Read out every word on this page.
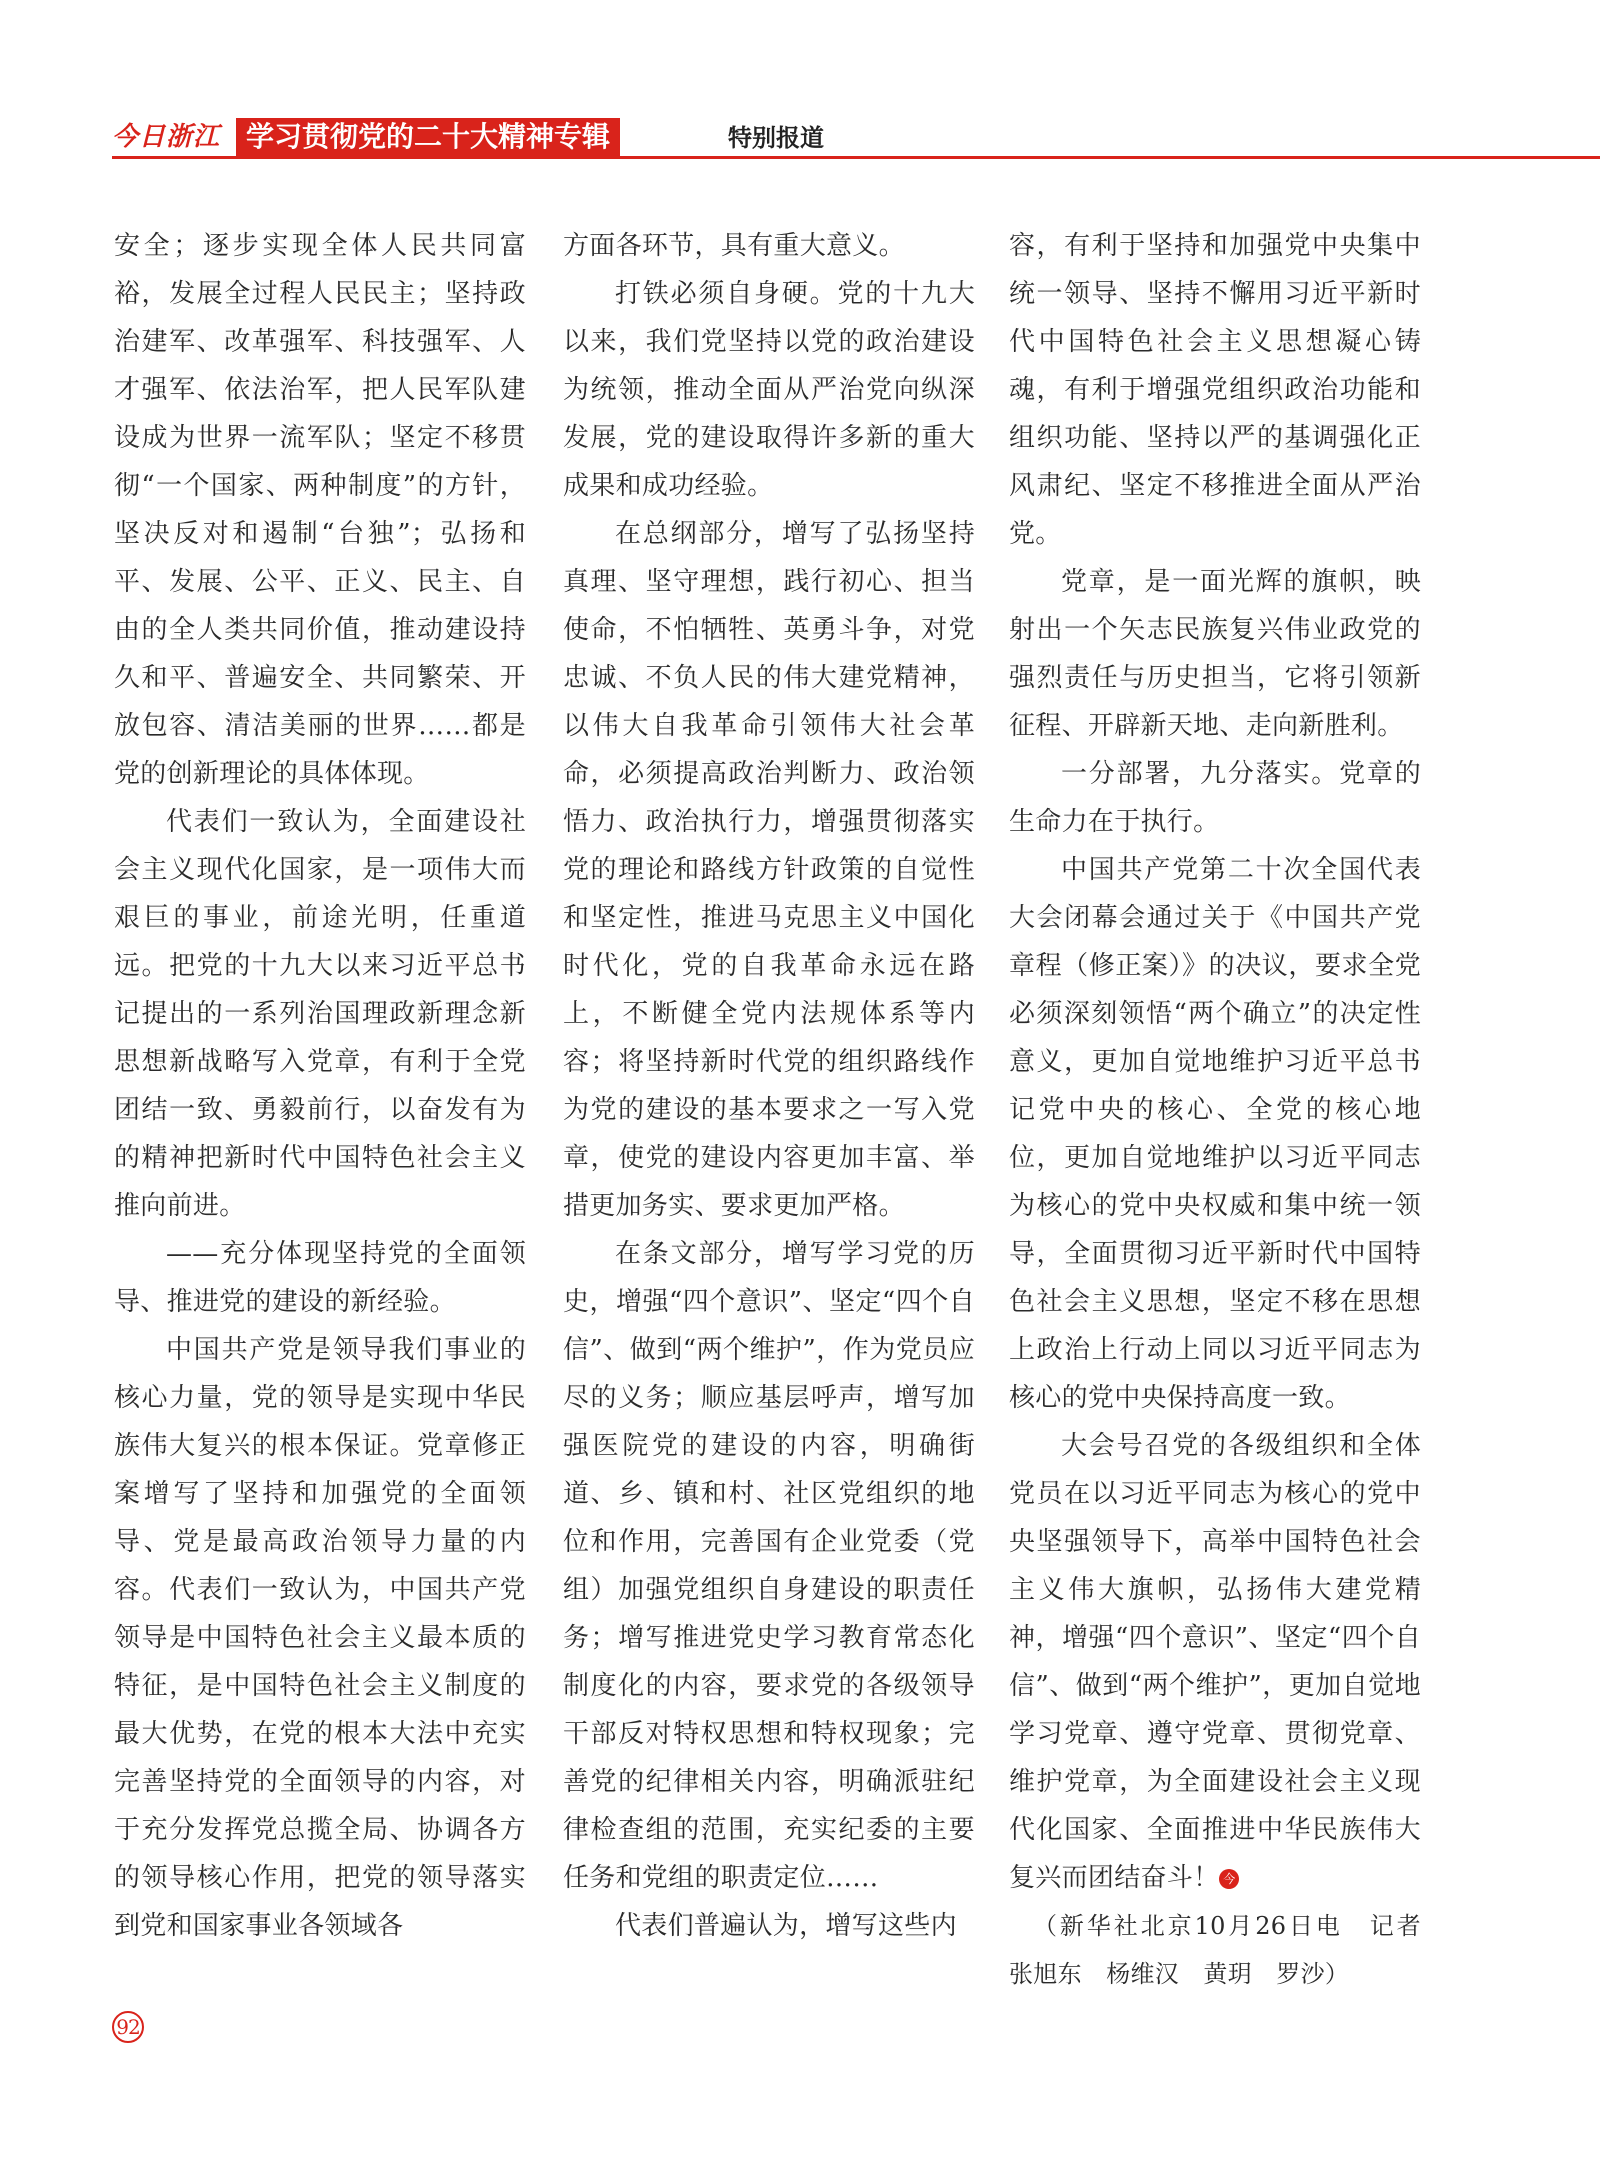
今日浙江 学习贯彻党的二十大精神专辑	特别报道

安全；逐步实现全体人民共同富裕，发展全过程人民民主；坚持政治建军、改革强军、科技强军、人才强军、依法治军，把人民军队建设成为世界一流军队；坚定不移贯彻“一个国家、两种制度”的方针，坚决反对和遏制“台独”；弘扬和平、发展、公平、正义、民主、自由的全人类共同价值，推动建设持久和平、普遍安全、共同繁荣、开放包容、清洁美丽的世界……都是党的创新理论的具体体现。

代表们一致认为，全面建设社会主义现代化国家，是一项伟大而艰巨的事业，前途光明，任重道远。把党的十九大以来习近平总书记提出的一系列治国理政新理念新思想新战略写入党章，有利于全党团结一致、勇毅前行，以奋发有为的精神把新时代中国特色社会主义推向前进。

——充分体现坚持党的全面领导、推进党的建设的新经验。

中国共产党是领导我们事业的核心力量，党的领导是实现中华民族伟大复兴的根本保证。党章修正案增写了坚持和加强党的全面领导、党是最高政治领导力量的内容。代表们一致认为，中国共产党领导是中国特色社会主义最本质的特征，是中国特色社会主义制度的最大优势，在党的根本大法中充实完善坚持党的全面领导的内容，对于充分发挥党总揽全局、协调各方的领导核心作用，把党的领导落实到党和国家事业各领域各

方面各环节，具有重大意义。

打铁必须自身硬。党的十九大以来，我们党坚持以党的政治建设为统领，推动全面从严治党向纵深发展，党的建设取得许多新的重大成果和成功经验。

在总纲部分，增写了弘扬坚持真理、坚守理想，践行初心、担当使命，不怕牺牲、英勇斗争，对党忠诚、不负人民的伟大建党精神，以伟大自我革命引领伟大社会革命，必须提高政治判断力、政治领悟力、政治执行力，增强贯彻落实党的理论和路线方针政策的自觉性和坚定性，推进马克思主义中国化时代化，党的自我革命永远在路上，不断健全党内法规体系等内容；将坚持新时代党的组织路线作为党的建设的基本要求之一写入党章，使党的建设内容更加丰富、举措更加务实、要求更加严格。

在条文部分，增写学习党的历史，增强“四个意识”、坚定“四个自信”、做到“两个维护”，作为党员应尽的义务；顺应基层呼声，增写加强医院党的建设的内容，明确街道、乡、镇和村、社区党组织的地位和作用，完善国有企业党委（党组）加强党组织自身建设的职责任务；增写推进党史学习教育常态化制度化的内容，要求党的各级领导干部反对特权思想和特权现象；完善党的纪律相关内容，明确派驻纪律检查组的范围，充实纪委的主要任务和党组的职责定位……

代表们普遍认为，增写这些内

容，有利于坚持和加强党中央集中统一领导、坚持不懈用习近平新时代中国特色社会主义思想凝心铸魂，有利于增强党组织政治功能和组织功能、坚持以严的基调强化正风肃纪、坚定不移推进全面从严治党。

党章，是一面光辉的旗帜，映射出一个矢志民族复兴伟业政党的强烈责任与历史担当，它将引领新征程、开辟新天地、走向新胜利。

一分部署，九分落实。党章的生命力在于执行。

中国共产党第二十次全国代表大会闭幕会通过关于《中国共产党章程（修正案）》的决议，要求全党必须深刻领悟“两个确立”的决定性意义，更加自觉地维护习近平总书记党中央的核心、全党的核心地位，更加自觉地维护以习近平同志为核心的党中央权威和集中统一领导，全面贯彻习近平新时代中国特色社会主义思想，坚定不移在思想上政治上行动上同以习近平同志为核心的党中央保持高度一致。

大会号召党的各级组织和全体党员在以习近平同志为核心的党中央坚强领导下，高举中国特色社会主义伟大旗帜，弘扬伟大建党精神，增强“四个意识”、坚定“四个自信”、做到“两个维护”，更加自觉地学习党章、遵守党章、贯彻党章、维护党章，为全面建设社会主义现代化国家、全面推进中华民族伟大复兴而团结奋斗！ 今

（新华社北京10月26日电　记者　张旭东　杨维汉　黄玥　罗沙）

92
